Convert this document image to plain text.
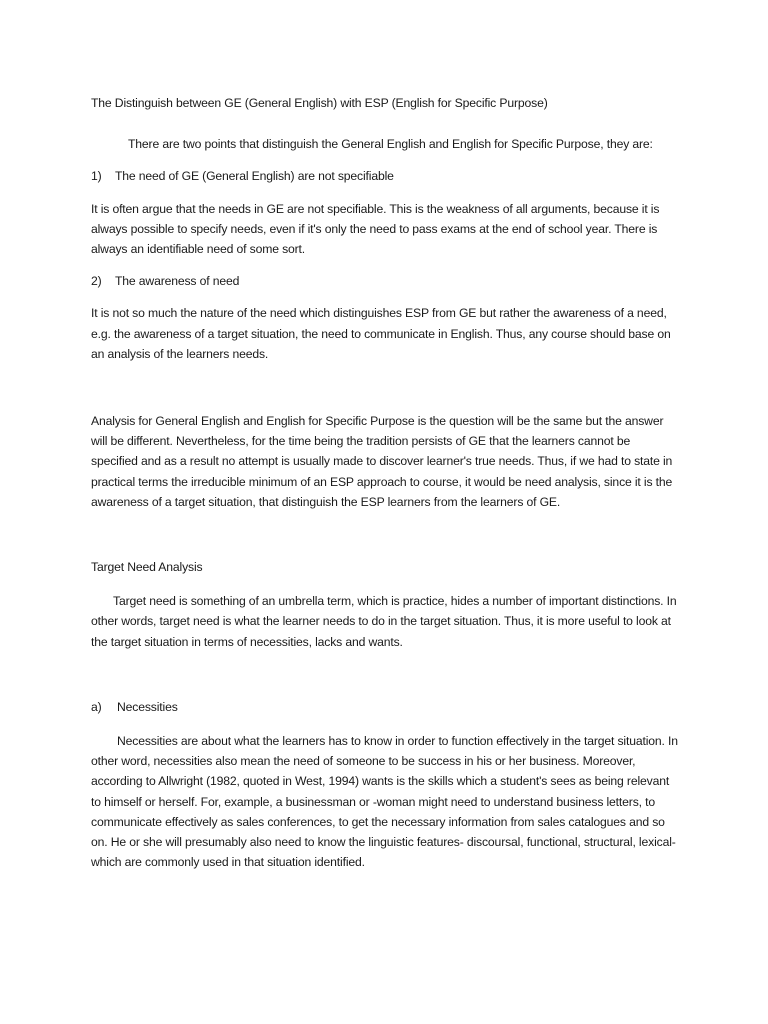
The Distinguish between GE (General English) with ESP (English for Specific Purpose)

There are two points that distinguish the General English and English for Specific Purpose, they are:

1)	The need of GE (General English) are not specifiable

It is often argue that the needs in GE are not specifiable. This is the weakness of all arguments, because it is always possible to specify needs, even if it's only the need to pass exams at the end of school year. There is always an identifiable need of some sort.

2)	The awareness of need

It is not so much the nature of the need which distinguishes ESP from GE but rather the awareness of a need, e.g. the awareness of a target situation, the need to communicate in English. Thus, any course should base on an analysis of the learners needs.

Analysis for General English and English for Specific Purpose is the question will be the same but the answer will be different. Nevertheless, for the time being the tradition persists of GE that the learners cannot be specified and as a result no attempt is usually made to discover learner's true needs. Thus, if we had to state in practical terms the irreducible minimum of an ESP approach to course, it would be need analysis, since it is the awareness of a target situation, that distinguish the ESP learners from the learners of GE.

Target Need Analysis

Target need is something of an umbrella term, which is practice, hides a number of important distinctions. In other words, target need is what the learner needs to do in the target situation. Thus, it is more useful to look at the target situation in terms of necessities, lacks and wants.

a)	Necessities

Necessities are about what the learners has to know in order to function effectively in the target situation. In other word, necessities also mean the need of someone to be success in his or her business. Moreover, according to Allwright (1982, quoted in West, 1994) wants is the skills which a student's sees as being relevant to himself or herself. For, example, a businessman or -woman might need to understand business letters, to communicate effectively as sales conferences, to get the necessary information from sales catalogues and so on. He or she will presumably also need to know the linguistic features- discoursal, functional, structural, lexical- which are commonly used in that situation identified.
